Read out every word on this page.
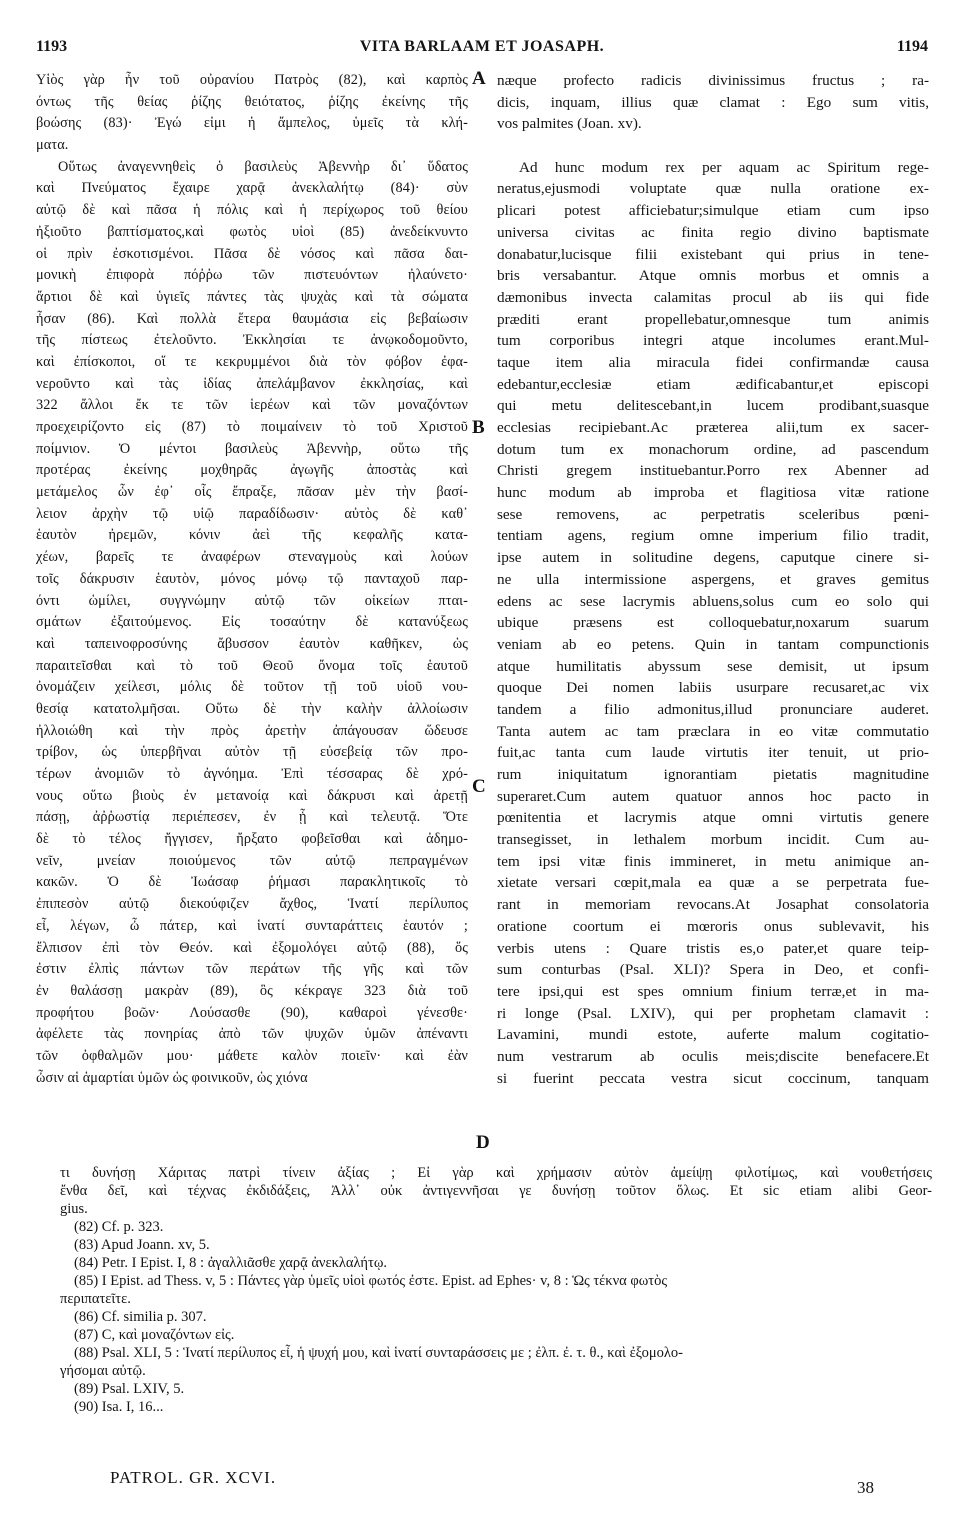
1193	VITA BARLAAM ET JOASAPH.	1194
Υἱὸς γὰρ ἦν τοῦ οὐρανίου Πατρὸς (82), καὶ καρπὸς
όντως τῆς θείας ῥίζης θειότατος, ῥίζης ἐκείνης τῆς
βοώσης (83)· Ἐγώ εἰμι ἡ ἄμπελος, ὑμεῖς τὰ κλή-
ματα.
Οὕτως ἀναγεννηθεὶς ὁ βασιλεὺς Ἀβεννὴρ δι᾿ ὕδατος
καὶ Πνεύματος ἔχαιρε χαρᾷ ἀνεκλαλήτῳ (84)· σὺν
αὐτῷ δὲ καὶ πᾶσα ἡ πόλις καὶ ἡ περίχωρος τοῦ θείου
ἠξιοῦτο βαπτίσματος,καὶ φωτὸς υἱοὶ (85) ἀνεδείκνυντο
οἱ πρὶν ἐσκοτισμένοι. Πᾶσα δὲ νόσος καὶ πᾶσα δαι-
μονικὴ ἐπιφορὰ πόῤῥω τῶν πιστευόντων ἠλαύνετο·
ἄρτιοι δὲ καὶ ὑγιεῖς πάντες τὰς ψυχὰς καὶ τὰ σώματα
ἦσαν (86). Καὶ πολλὰ ἕτερα θαυμάσια εἰς βεβαίωσιν
τῆς πίστεως ἐτελοῦντο. Ἐκκλησίαι τε ἀνῳκοδομοῦντο,
καὶ ἐπίσκοποι, οἵ τε κεκρυμμένοι διὰ τὸν φόβον ἐφα-
νεροῦντο καὶ τὰς ἰδίας ἀπελάμβανον ἐκκλησίας, καὶ
322 ἄλλοι ἔκ τε τῶν ἱερέων καὶ τῶν μοναζόντων
προεχειρίζοντο εἰς (87) τὸ ποιμαίνειν τὸ τοῦ Χριστοῦ
ποίμνιον. Ὁ μέντοι βασιλεὺς Ἀβεννὴρ, οὕτω τῆς
προτέρας ἐκείνης μοχθηρᾶς ἀγωγῆς ἀποστὰς καὶ
μετάμελος ὧν ἐφ᾿ οἷς ἔπραξε, πᾶσαν μὲν τὴν βασί-
λειον ἀρχὴν τῷ υἱῷ παραδίδωσιν· αὐτὸς δὲ καθ᾿
ἑαυτὸν ἠρεμῶν, κόνιν ἀεὶ τῆς κεφαλῆς κατα-
χέων, βαρεῖς τε ἀναφέρων στεναγμοὺς καὶ λούων
τοῖς δάκρυσιν ἑαυτὸν, μόνος μόνῳ τῷ πανταχοῦ παρ-
όντι ὡμίλει, συγγνώμην αὐτῷ τῶν οἰκείων πται-
σμάτων ἐξαιτούμενος. Εἰς τοσαύτην δὲ κατανύξεως
καὶ ταπεινοφροσύνης ἄβυσσον ἑαυτὸν καθῆκεν, ὡς
παραιτεῖσθαι καὶ τὸ τοῦ Θεοῦ ὄνομα τοῖς ἑαυτοῦ
ὀνομάζειν χείλεσι, μόλις δὲ τοῦτον τῇ τοῦ υἱοῦ νου-
θεσίᾳ κατατολμῆσαι. Οὕτω δὲ τὴν καλὴν ἀλλοίωσιν
ἠλλοιώθη καὶ τὴν πρὸς ἀρετὴν ἀπάγουσαν ὥδευσε
τρίβον, ὡς ὑπερβῆναι αὐτὸν τῇ εὐσεβείᾳ τῶν προ-
τέρων ἀνομιῶν τὸ ἀγνόημα. Ἐπὶ τέσσαρας δὲ χρό-
νους οὕτω βιοὺς ἐν μετανοίᾳ καὶ δάκρυσι καὶ ἀρετῇ
πάσῃ, ἀῤῥωστίᾳ περιέπεσεν, ἐν ᾗ καὶ τελευτᾷ. Ὅτε
δὲ τὸ τέλος ἤγγισεν, ἤρξατο φοβεῖσθαι καὶ ἀδημο-
νεῖν, μνείαν ποιούμενος τῶν αὐτῷ πεπραγμένων
κακῶν. Ὁ δὲ Ἰωάσαφ ῥήμασι παρακλητικοῖς τὸ
ἐπιπεσὸν αὐτῷ διεκούφιζεν ἄχθος, Ἱνατί περίλυπος
εἶ, λέγων, ὦ πάτερ, καὶ ἱνατί συνταράττεις ἑαυτόν ;
ἔλπισον ἐπὶ τὸν Θεόν. καὶ ἐξομολόγει αὐτῷ (88), ὅς
ἐστιν ἐλπὶς πάντων τῶν περάτων τῆς γῆς καὶ τῶν
ἐν θαλάσσῃ μακρὰν (89), ὃς κέκραγε 323 διὰ τοῦ
προφήτου βοῶν· Λούσασθε (90), καθαροὶ γένεσθε·
ἀφέλετε τὰς πονηρίας ἀπὸ τῶν ψυχῶν ὑμῶν ἀπέναντι
τῶν ὀφθαλμῶν μου· μάθετε καλὸν ποιεῖν· καὶ ἐὰν
ὦσιν αἱ ἁμαρτίαι ὑμῶν ὡς φοινικοῦν, ὡς χιόνα
næque profecto radicis divinissimus fructus ; ra-
dicis, inquam, illius quæ clamat : Ego sum vitis,
vos palmites (Joan. xv).
Ad hunc modum rex per aquam ac Spiritum rege-
neratus,ejusmodi voluptate quæ nulla oratione ex-
plicari potest afficiebatur;simulque etiam cum ipso
universa civitas ac finita regio divino baptismate
donabatur,lucisque filii existebant qui prius in tene-
bris versabantur. Atque omnis morbus et omnis a
dæmonibus invecta calamitas procul ab iis qui fide
præditi erant propellebatur,omnesque tum animis
tum corporibus integri atque incolumes erant.Mul-
taque item alia miracula fidei confirmandæ causa
edebantur,ecclesiæ etiam ædificabantur,et episcopi
qui metu delitescebant,in lucem prodibant,suasque
ecclesias recipiebant.Ac præterea alii,tum ex sacer-
dotum tum ex monachorum ordine, ad pascendum
Christi gregem instituebantur.Porro rex Abenner ad
hunc modum ab improba et flagitiosa vitæ ratione
sese removens, ac perpetratis sceleribus pœni-
tentiam agens, regium omne imperium filio tradit,
ipse autem in solitudine degens, caputque cinere si-
ne ulla intermissione aspergens, et graves gemitus
edens ac sese lacrymis abluens,solus cum eo solo qui
ubique præsens est colloquebatur,noxarum suarum
veniam ab eo petens. Quin in tantam compunctionis
atque humilitatis abyssum sese demisit, ut ipsum
quoque Dei nomen labiis usurpare recusaret,ac vix
tandem a filio admonitus,illud pronunciare auderet.
Tanta autem ac tam præclara in eo vitæ commutatio
fuit,ac tanta cum laude virtutis iter tenuit, ut prio-
rum iniquitatum ignorantiam pietatis magnitudine
superaret.Cum autem quatuor annos hoc pacto in
pœnitentia et lacrymis atque omni virtutis genere
transegisset, in lethalem morbum incidit. Cum au-
tem ipsi vitæ finis immineret, in metu animique an-
xietate versari cœpit,mala ea quæ a se perpetrata fue-
rant in memoriam revocans.At Josaphat consolatoria
oratione coortum ei mœroris onus sublevavit, his
verbis utens : Quare tristis es,o pater,et quare teip-
sum conturbas (Psal. XLI)? Spera in Deo, et confi-
tere ipsi,qui est spes omnium finium terræ,et in ma-
ri longe (Psal. LXIV), qui per prophetam clamavit :
Lavamini, mundi estote, auferte malum cogitatio-
num vestrarum ab oculis meis;discite benefacere.Et
si fuerint peccata vestra sicut coccinum, tanquam
A
B
C
D
τι δυνήσῃ Χάριτας πατρὶ τίνειν ἀξίας ; Εἰ γὰρ καὶ χρήμασιν αὐτὸν ἀμείψῃ φιλοτίμως, καὶ νουθετήσεις
ἔνθα δεῖ, καὶ τέχνας ἐκδιδάξεις, Ἀλλ᾿ οὐκ ἀντιγεννῆσαι γε δυνήσῃ τοῦτον ὅλως. Et sic etiam alibi Geor-
gius.
(82) Cf. p. 323.
(83) Apud Joann. xv, 5.
(84) Petr. I Epist. I, 8 : ἀγαλλιᾶσθε χαρᾷ ἀνεκλαλήτῳ.
(85) I Epist. ad Thess. v, 5 : Πάντες γὰρ ὑμεῖς υἱοὶ φωτός ἐστε. Epist. ad Ephes· v, 8 : Ὡς τέκνα φωτὸς
περιπατεῖτε.
(86) Cf. similia p. 307.
(87) C, καὶ μοναζόντων εἰς.
(88) Psal. XLI, 5 : Ἱνατί περίλυπος εἶ, ἡ ψυχή μου, καὶ ἱνατί συνταράσσεις με ; ἐλπ. ἐ. τ. θ., καὶ ἐξομολο-
γήσομαι αὐτῷ.
(89) Psal. LXIV, 5.
(90) Isa. I, 16...
PATROL. GR. XCVI.
38
